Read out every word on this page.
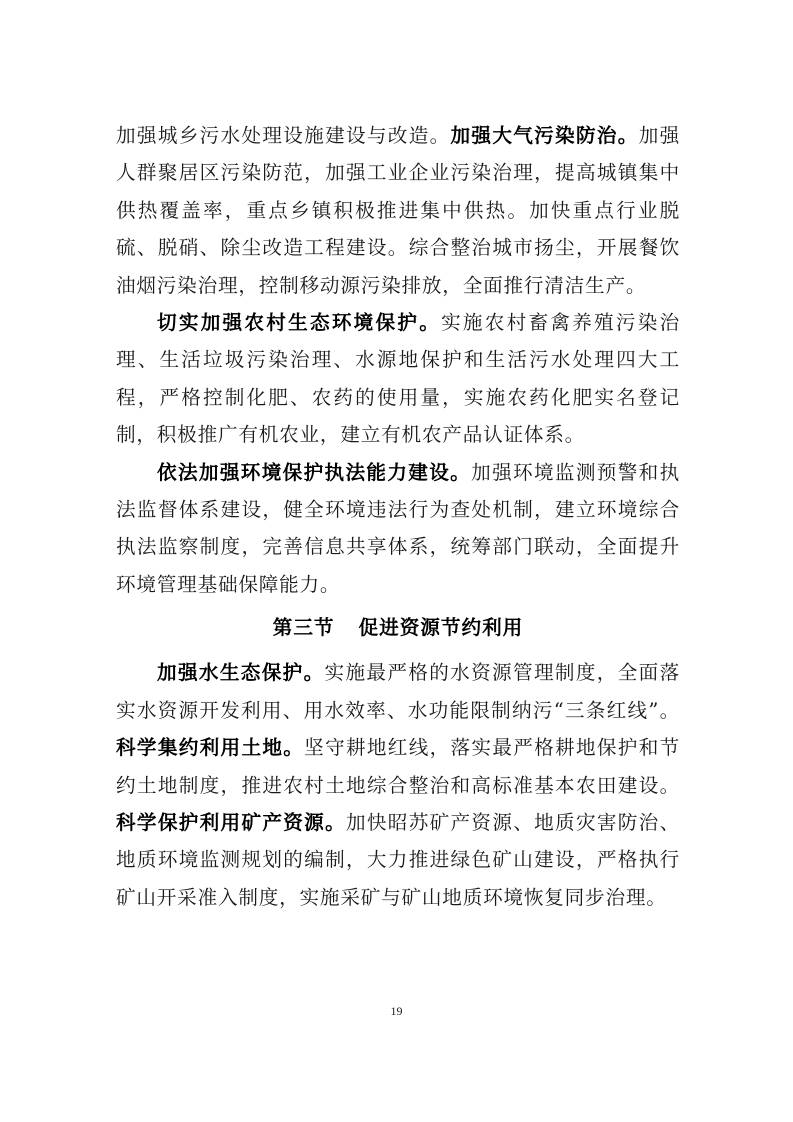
加强城乡污水处理设施建设与改造。加强大气污染防治。加强人群聚居区污染防范，加强工业企业污染治理，提高城镇集中供热覆盖率，重点乡镇积极推进集中供热。加快重点行业脱硫、脱硝、除尘改造工程建设。综合整治城市扬尘，开展餐饮油烟污染治理，控制移动源污染排放，全面推行清洁生产。

切实加强农村生态环境保护。实施农村畜禽养殖污染治理、生活垃圾污染治理、水源地保护和生活污水处理四大工程，严格控制化肥、农药的使用量，实施农药化肥实名登记制，积极推广有机农业，建立有机农产品认证体系。

依法加强环境保护执法能力建设。加强环境监测预警和执法监督体系建设，健全环境违法行为查处机制，建立环境综合执法监察制度，完善信息共享体系，统筹部门联动，全面提升环境管理基础保障能力。

第三节 促进资源节约利用

加强水生态保护。实施最严格的水资源管理制度，全面落实水资源开发利用、用水效率、水功能限制纳污“三条红线”。科学集约利用土地。坚守耕地红线，落实最严格耕地保护和节约土地制度，推进农村土地综合整治和高标准基本农田建设。科学保护利用矿产资源。加快昭苏矿产资源、地质灾害防治、地质环境监测规划的编制，大力推进绿色矿山建设，严格执行矿山开采准入制度，实施采矿与矿山地质环境恢复同步治理。

19
